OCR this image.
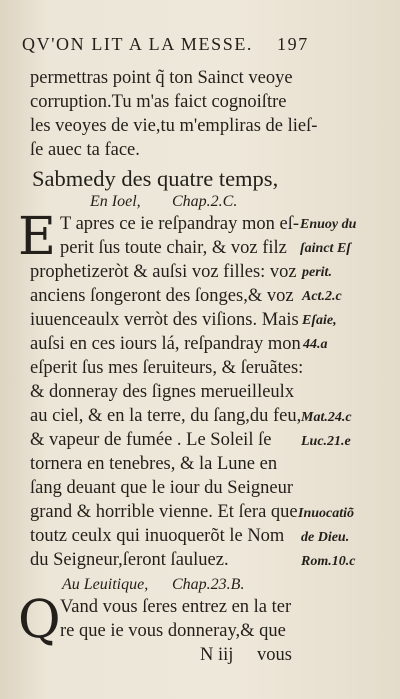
QV'ON LIT A LA MESSE. 197
permettras point q̃ ton Sainct veoye
corruption.Tu m'as faict cognoiſtre
les veoyes de vie,tu m'empliras de lieſ-
ſe auec ta face.
Sabmedy des quatre temps,
En Ioel, Chap.2.C.
E T apres ce ie reſpandray mon eſ-
perit ſus toute chair, & voz filz
prophetizeròt & auſsi voz filles: voz
anciens ſongeront des ſonges,& voz
iuuenceaulx verròt des viſions. Mais
auſsi en ces iours lá, reſpandray mon
eſperit ſus mes ſeruiteurs, & ſeruãtes:
& donneray des ſignes merueilleulx
au ciel, & en la terre, du ſang,du feu,
& vapeur de fumée . Le Soleil ſe
tornera en tenebres, & la Lune en
ſang deuant que le iour du Seigneur
grand & horrible vienne. Et ſera que
toutz ceulx qui inuoquerõt le Nom
du Seigneur,ſeront ſauluez.
Enuoy du
ſainct Eſ
perit.
Act.2.c
Eſaie,
44.a
Mat.24.c
Luc.21.e
Inuocatiõ
de Dieu.
Rom.10.c
Au Leuitique, Chap.23.B.
Q Vand vous ſeres entrez en la ter
re que ie vous donneray,& que
N iij vous
